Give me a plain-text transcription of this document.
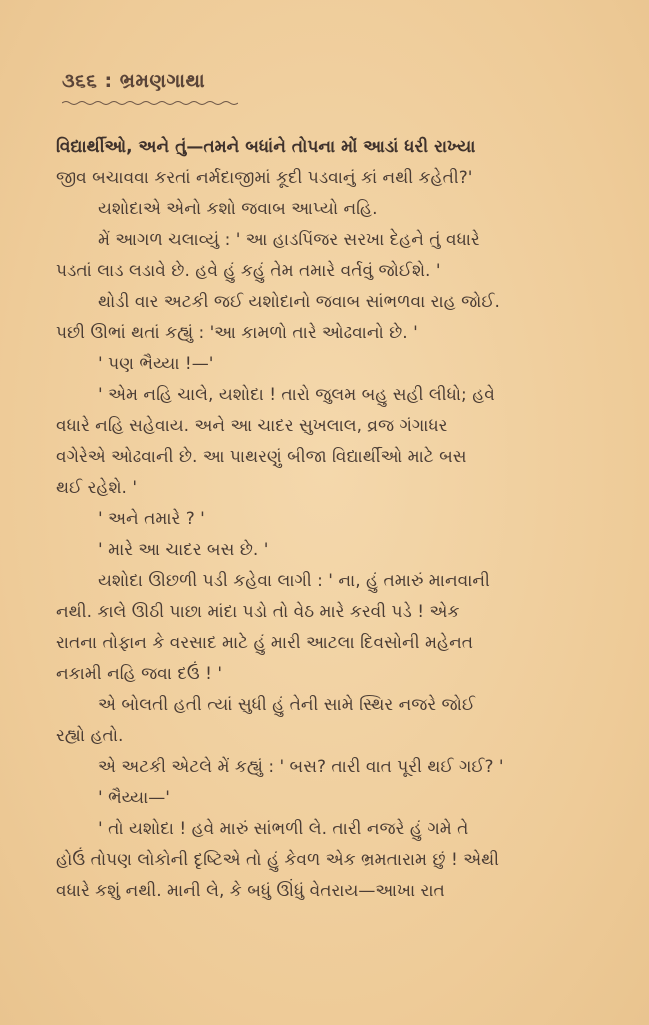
૩૬૬ : ભ્રમણગાથા
વિદ્યાર્થીઓ, અને તું—તમને બધાંને તોપના મોં આડાં ધરી રાખ્યા
જીવ બચાવવા કરતાં નર્મદાજીમાં કૂદી પડવાનું કાં નથી કહેતી?'
યશોદાએ એનો કશો જવાબ આપ્યો નહિ.
મેં આગળ ચલાવ્યું : ' આ હાડપિંજર સરખા દેહને તું વધારે
પડતાં લાડ લડાવે છે. હવે હું કહું તેમ તમારે વર્તવું જોઈશે. '
થોડી વાર અટકી જઈ યશોદાનો જવાબ સાંભળવા રાહ જોઈ.
પછી ઊભાં થતાં કહ્યું : 'આ કામળો તારે ઓઢવાનો છે. '
' પણ ભૈય્યા !—'
' એમ નહિ ચાલે, યશોદા ! તારો જુલમ બહુ સહી લીધો; હવે
વધારે નહિ સહેવાય. અને આ ચાદર સુખલાલ, વ્રજ ગંગાધર
વગેરેએ ઓઢવાની છે. આ પાથરણું બીજા વિદ્યાર્થીઓ માટે બસ
થઈ રહેશે. '
' અને તમારે ? '
' મારે આ ચાદર બસ છે. '
યશોદા ઊછળી પડી કહેવા લાગી : ' ના, હું તમારું માનવાની
નથી. કાલે ઊઠી પાછા માંદા પડો તો વેઠ મારે કરવી પડે ! એક
રાતના તોફાન કે વરસાદ માટે હું મારી આટલા દિવસોની મહેનત
નકામી નહિ જવા દઉં ! '
એ બોલતી હતી ત્યાં સુધી હું તેની સામે સ્થિર નજરે જોઈ
રહ્યો હતો.
એ અટકી એટલે મેં કહ્યું : ' બસ? તારી વાત પૂરી થઈ ગઈ? '
' ભૈય્યા—'
' તો યશોદા ! હવે મારું સાંભળી લે. તારી નજરે હું ગમે તે
હોઉં તોપણ લોકોની દૃષ્ટિએ તો હું કેવળ એક ભ્રમતારામ છું ! એથી
વધારે કશું નથી. માની લે, કે બધું ઊંધું વેતરાય—આખા રાત
